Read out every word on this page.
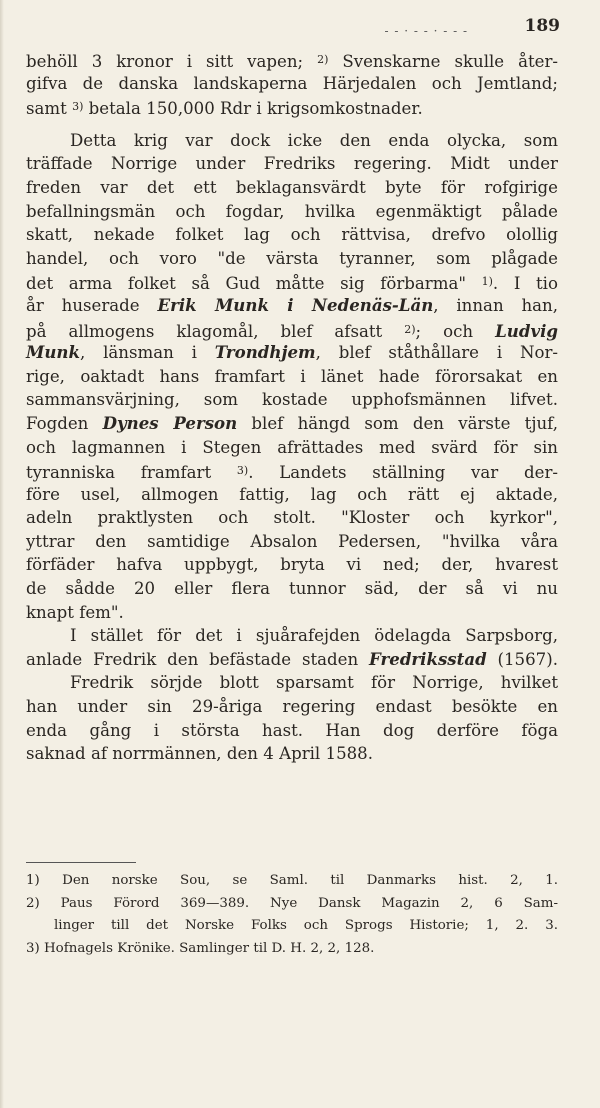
- - · - - · - - -	189
behöll 3 kronor i sitt vapen; $^{2)}$ Svenskarne skulle åter-
gifva de danska landskaperna Härjedalen och Jemtland;
samt $^{3)}$ betala 150,000 Rdr i krigsomkostnader.
Detta krig var dock icke den enda olycka, som
träffade Norrige under Fredriks regering. Midt under
freden var det ett beklagansvärdt byte för rofgirige
befallningsmän och fogdar, hvilka egenmäktigt pålade
skatt, nekade folket lag och rättvisa, drefvo olollig
handel, och voro "de värsta tyranner, som plågade
det arma folket så Gud måtte sig förbarma" $^{1)}$. I tio
år huserade Erik Munk i Nedenäs-Län, innan han,
på allmogens klagomål, blef afsatt $^{2)}$; och Ludvig
Munk, länsman i Trondhjem, blef ståthållare i Nor-
rige, oaktadt hans framfart i länet hade förorsakat en
sammansvärjning, som kostade upphofsmännen lifvet.
Fogden Dynes Person blef hängd som den värste tjuf,
och lagmannen i Stegen afrättades med svärd för sin
tyranniska framfart $^{3)}$. Landets ställning var der-
före usel, allmogen fattig, lag och rätt ej aktade,
adeln praktlysten och stolt. "Kloster och kyrkor",
yttrar den samtidige Absalon Pedersen, "hvilka våra
förfäder hafva uppbygt, bryta vi ned; der, hvarest
de sådde 20 eller flera tunnor säd, der så vi nu
knapt fem".
I stället för det i sjuårafejden ödelagda Sarpsborg,
anlade Fredrik den befästade staden Fredriksstad (1567).
Fredrik sörjde blott sparsamt för Norrige, hvilket
han under sin 29-åriga regering endast besökte en
enda gång i största hast. Han dog derföre föga
saknad af norrmännen, den 4 April 1588.
1) Den norske Sou, se Saml. til Danmarks hist. 2, 1.
2) Paus Förord 369—389. Nye Dansk Magazin 2, 6 Sam-
linger till det Norske Folks och Sprogs Historie; 1, 2. 3.
3) Hofnagels Krönike. Samlinger til D. H. 2, 2, 128.
